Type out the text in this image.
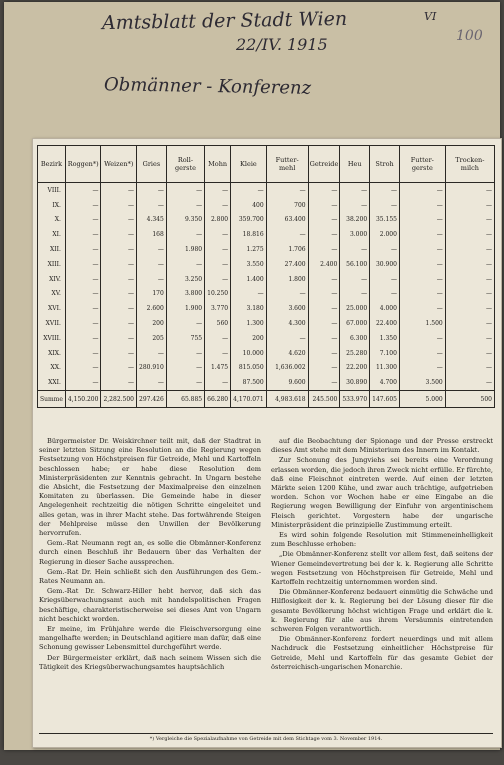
Amtsblatt der Stadt Wien
22/IV. 1915
Obmänner - Konferenz
VI
100
Bezirk	Roggen*)	Weizen*)	Gries	Roll-gerste	Mohn	Kleie	Futter-mehl	Getreide	Heu	Stroh	Futter-gerste	Trocken-milch
VIII.	—	—	—	—	—	—	—	—	—	—	—	—
IX.	—	—	—	—	—	400	700	—	—	—	—	—
X.	—	—	4.345	9.350	2.800	359.700	63.400	—	38.200	35.155	—	—
XI.	—	—	168	—	—	18.816	—	—	3.000	2.000	—	—
XII.	—	—	—	1.980	—	1.275	1.706	—	—	—	—	—
XIII.	—	—	—	—	—	3.550	27.400	2.400	56.100	30.900	—	—
XIV.	—	—	—	3.250	—	1.400	1.800	—	—	—	—	—
XV.	—	—	170	3.800	10.250	—	—	—	—	—	—	—
XVI.	—	—	2.600	1.900	3.770	3.180	3.600	—	25.000	4.000	—	—
XVII.	—	—	200	—	560	1.300	4.300	—	67.000	22.400	1.500	—
XVIII.	—	—	205	755	—	200	—	—	6.300	1.350	—	—
XIX.	—	—	—	—	—	10.000	4.620	—	25.280	7.100	—	—
XX.	—	—	280.910	—	1.475	815.050	1,636.002	—	22.200	11.300	—	—
XXI.	—	—	—	—	—	87.500	9.600	—	30.890	4.700	3.500	—
Summe	4,150.200	2,282.500	297.426	65.885	66.280	4,170.071	4,983.618	245.500	533.970	147.605	5.000	500

Bürgermeister Dr. Weiskirchner teilt mit, daß der Stadtrat in seiner letzten Sitzung eine Resolution an die Regierung wegen Festsetzung von Höchstpreisen für Getreide, Mehl und Kartoffeln beschlossen habe; er habe diese Resolution dem Ministerpräsidenten zur Kenntnis gebracht. In Ungarn bestehe die Absicht, die Festsetzung der Maximalpreise den einzelnen Komitaten zu überlassen. Die Gemeinde habe in dieser Angelegenheit rechtzeitig die nötigen Schritte eingeleitet und alles getan, was in ihrer Macht stehe. Das fortwährende Steigen der Mehlpreise müsse den Unwillen der Bevölkerung hervorrufen.

Gem.-Rat Neumann regt an, es solle die Obmänner-Konferenz durch einen Beschluß ihr Bedauern über das Verhalten der Regierung in dieser Sache aussprechen.

Gem.-Rat Dr. Hein schließt sich den Ausführungen des Gem.-Rates Neumann an.

Gem.-Rat Dr. Schwarz-Hiller hebt hervor, daß sich das Kriegsüberwachungsamt auch mit handelspolitischen Fragen beschäftige, charakteristischerweise sei dieses Amt von Ungarn nicht beschickt worden.

Er meine, im Frühjahre werde die Fleischversorgung eine mangelhafte werden; in Deutschland agitiere man dafür, daß eine Schonung gewisser Lebensmittel durchgeführt werde.

Der Bürgermeister erklärt, daß nach seinem Wissen sich die Tätigkeit des Kriegsüberwachungsamtes hauptsächlich

auf die Beobachtung der Spionage und der Presse erstreckt dieses Amt stehe mit dem Ministerium des Innern im Kontakt.

Zur Schonung des Jungviehs sei bereits eine Verordnung erlassen worden, die jedoch ihren Zweck nicht erfülle. Er fürchte, daß eine Fleischnot eintreten werde. Auf einen der letzten Märkte seien 1200 Kühe, und zwar auch trächtige, aufgetrieben worden. Schon vor Wochen habe er eine Eingabe an die Regierung wegen Bewilligung der Einfuhr von argentinischem Fleisch gerichtet. Vorgestern habe der ungarische Ministerpräsident die prinzipielle Zustimmung erteilt.

Es wird sohin folgende Resolution mit Stimmeneinhelligkeit zum Beschlusse erhoben:

„Die Obmänner-Konferenz stellt vor allem fest, daß seitens der Wiener Gemeindevertretung bei der k. k. Regierung alle Schritte wegen Festsetzung von Höchstpreisen für Getreide, Mehl und Kartoffeln rechtzeitig unternommen worden sind.

Die Obmänner-Konferenz bedauert einmütig die Schwäche und Hilflosigkeit der k. k. Regierung bei der Lösung dieser für die gesamte Bevölkerung höchst wichtigen Frage und erklärt die k. k. Regierung für alle aus ihrem Versäumnis eintretenden schweren Folgen verantwortlich.

Die Obmänner-Konferenz fordert neuerdings und mit allem Nachdruck die Festsetzung einheitlicher Höchstpreise für Getreide, Mehl und Kartoffeln für das gesamte Gebiet der österreichisch-ungarischen Monarchie.

*) Vergleiche die Spezialaufnahme von Getreide mit dem Stichtage vom 3. November 1914.
